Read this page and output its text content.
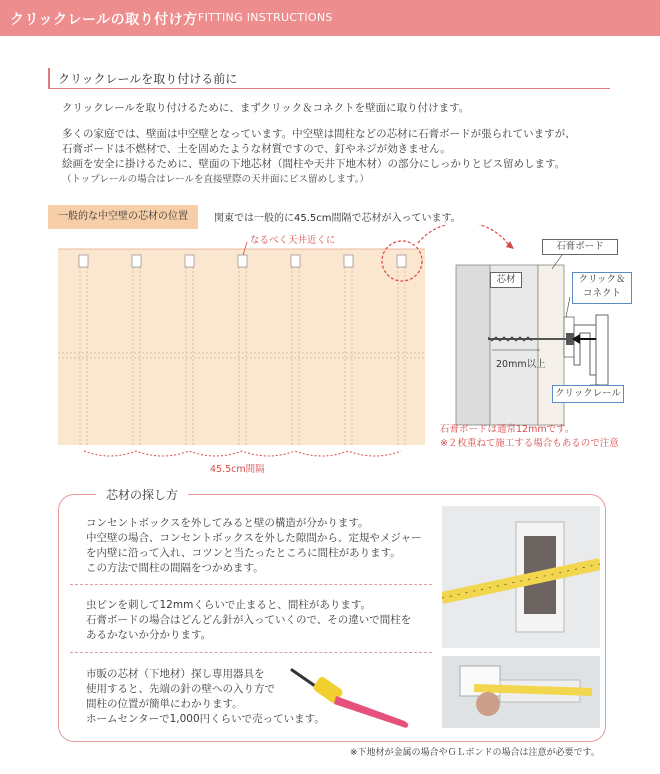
クリックレールの取り付け方 FITTING INSTRUCTIONS
クリックレールを取り付ける前に
クリックレールを取り付けるために、まずクリック＆コネクトを壁面に取り付けます。
多くの家庭では、壁面は中空壁となっています。中空壁は間柱などの芯材に石膏ボードが張られていますが、
石膏ボードは不燃材で、土を固めたような材質ですので、釘やネジが効きません。
絵画を安全に掛けるために、壁面の下地芯材（間柱や天井下地木材）の部分にしっかりとビス留めします。
（トップレールの場合はレールを直接壁際の天井面にビス留めします。）
一般的な中空壁の芯材の位置	関東では一般的に45.5cm間隔で芯材が入っています。
なるべく天井近くに
45.5cm間隔
石膏ボード
芯材	クリック＆
コネクト
20mm以上
クリックレール
石膏ボードは通常12mmです。
※２枚重ねて施工する場合もあるので注意
芯材の探し方
コンセントボックスを外してみると壁の構造が分かります。
中空壁の場合、コンセントボックスを外した隙間から、定規やメジャー
を内壁に沿って入れ、コツンと当たったところに間柱があります。
この方法で間柱の間隔をつかめます。
虫ピンを刺して12mmくらいで止まると、間柱があります。
石膏ボードの場合はどんどん針が入っていくので、その違いで間柱を
あるかないか分かります。
市販の芯材（下地材）探し専用器具を
使用すると、先端の針の壁への入り方で
間柱の位置が簡単にわかります。
ホームセンターで1,000円くらいで売っています。
※下地材が金属の場合やＧＬボンドの場合は注意が必要です。
